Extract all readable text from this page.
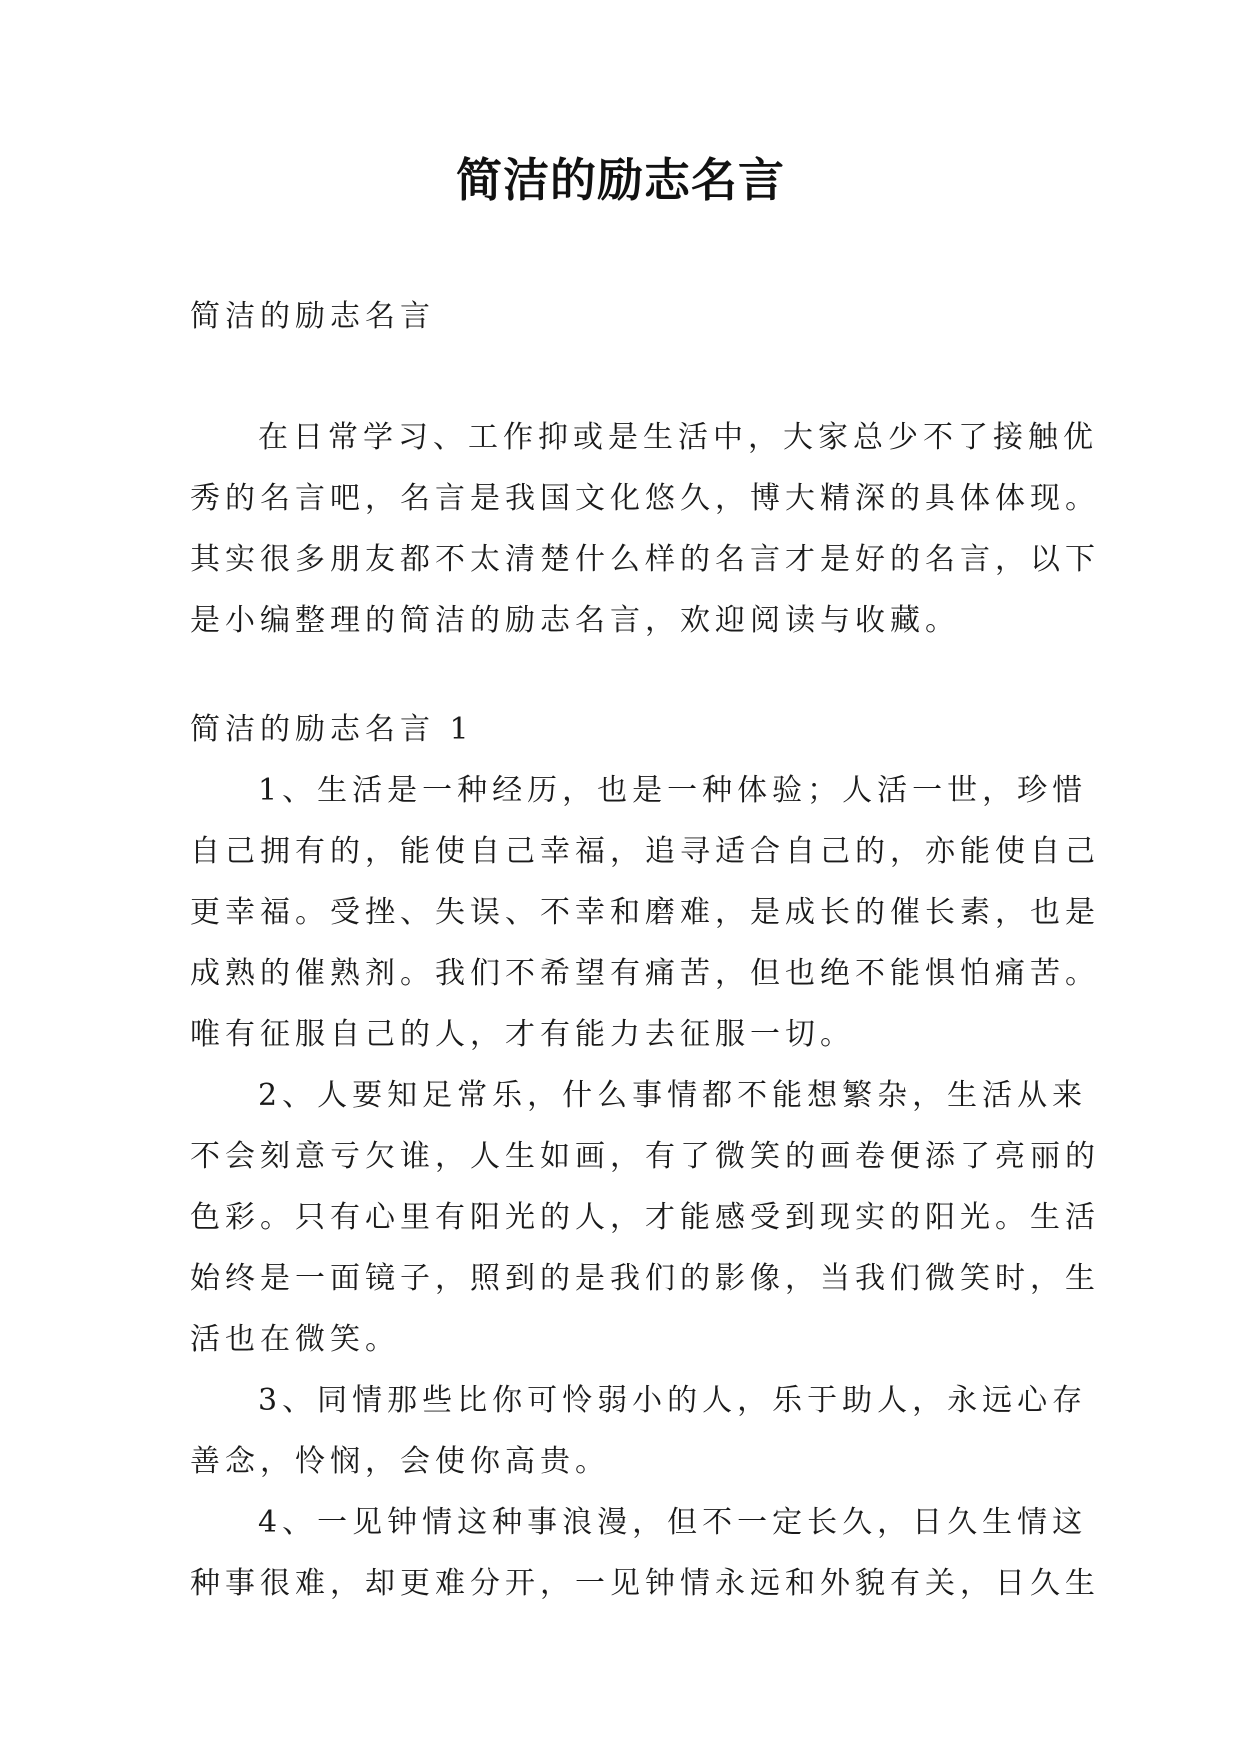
简洁的励志名言

简洁的励志名言

在日常学习、工作抑或是生活中，大家总少不了接触优

秀的名言吧，名言是我国文化悠久，博大精深的具体体现。

其实很多朋友都不太清楚什么样的名言才是好的名言，以下

是小编整理的简洁的励志名言，欢迎阅读与收藏。

简洁的励志名言 1

1、生活是一种经历，也是一种体验；人活一世，珍惜

自己拥有的，能使自己幸福，追寻适合自己的，亦能使自己

更幸福。受挫、失误、不幸和磨难，是成长的催长素，也是

成熟的催熟剂。我们不希望有痛苦，但也绝不能惧怕痛苦。

唯有征服自己的人，才有能力去征服一切。

2、人要知足常乐，什么事情都不能想繁杂，生活从来

不会刻意亏欠谁，人生如画，有了微笑的画卷便添了亮丽的

色彩。只有心里有阳光的人，才能感受到现实的阳光。生活

始终是一面镜子，照到的是我们的影像，当我们微笑时，生

活也在微笑。

3、同情那些比你可怜弱小的人，乐于助人，永远心存

善念，怜悯，会使你高贵。

4、一见钟情这种事浪漫，但不一定长久，日久生情这

种事很难，却更难分开，一见钟情永远和外貌有关，日久生
